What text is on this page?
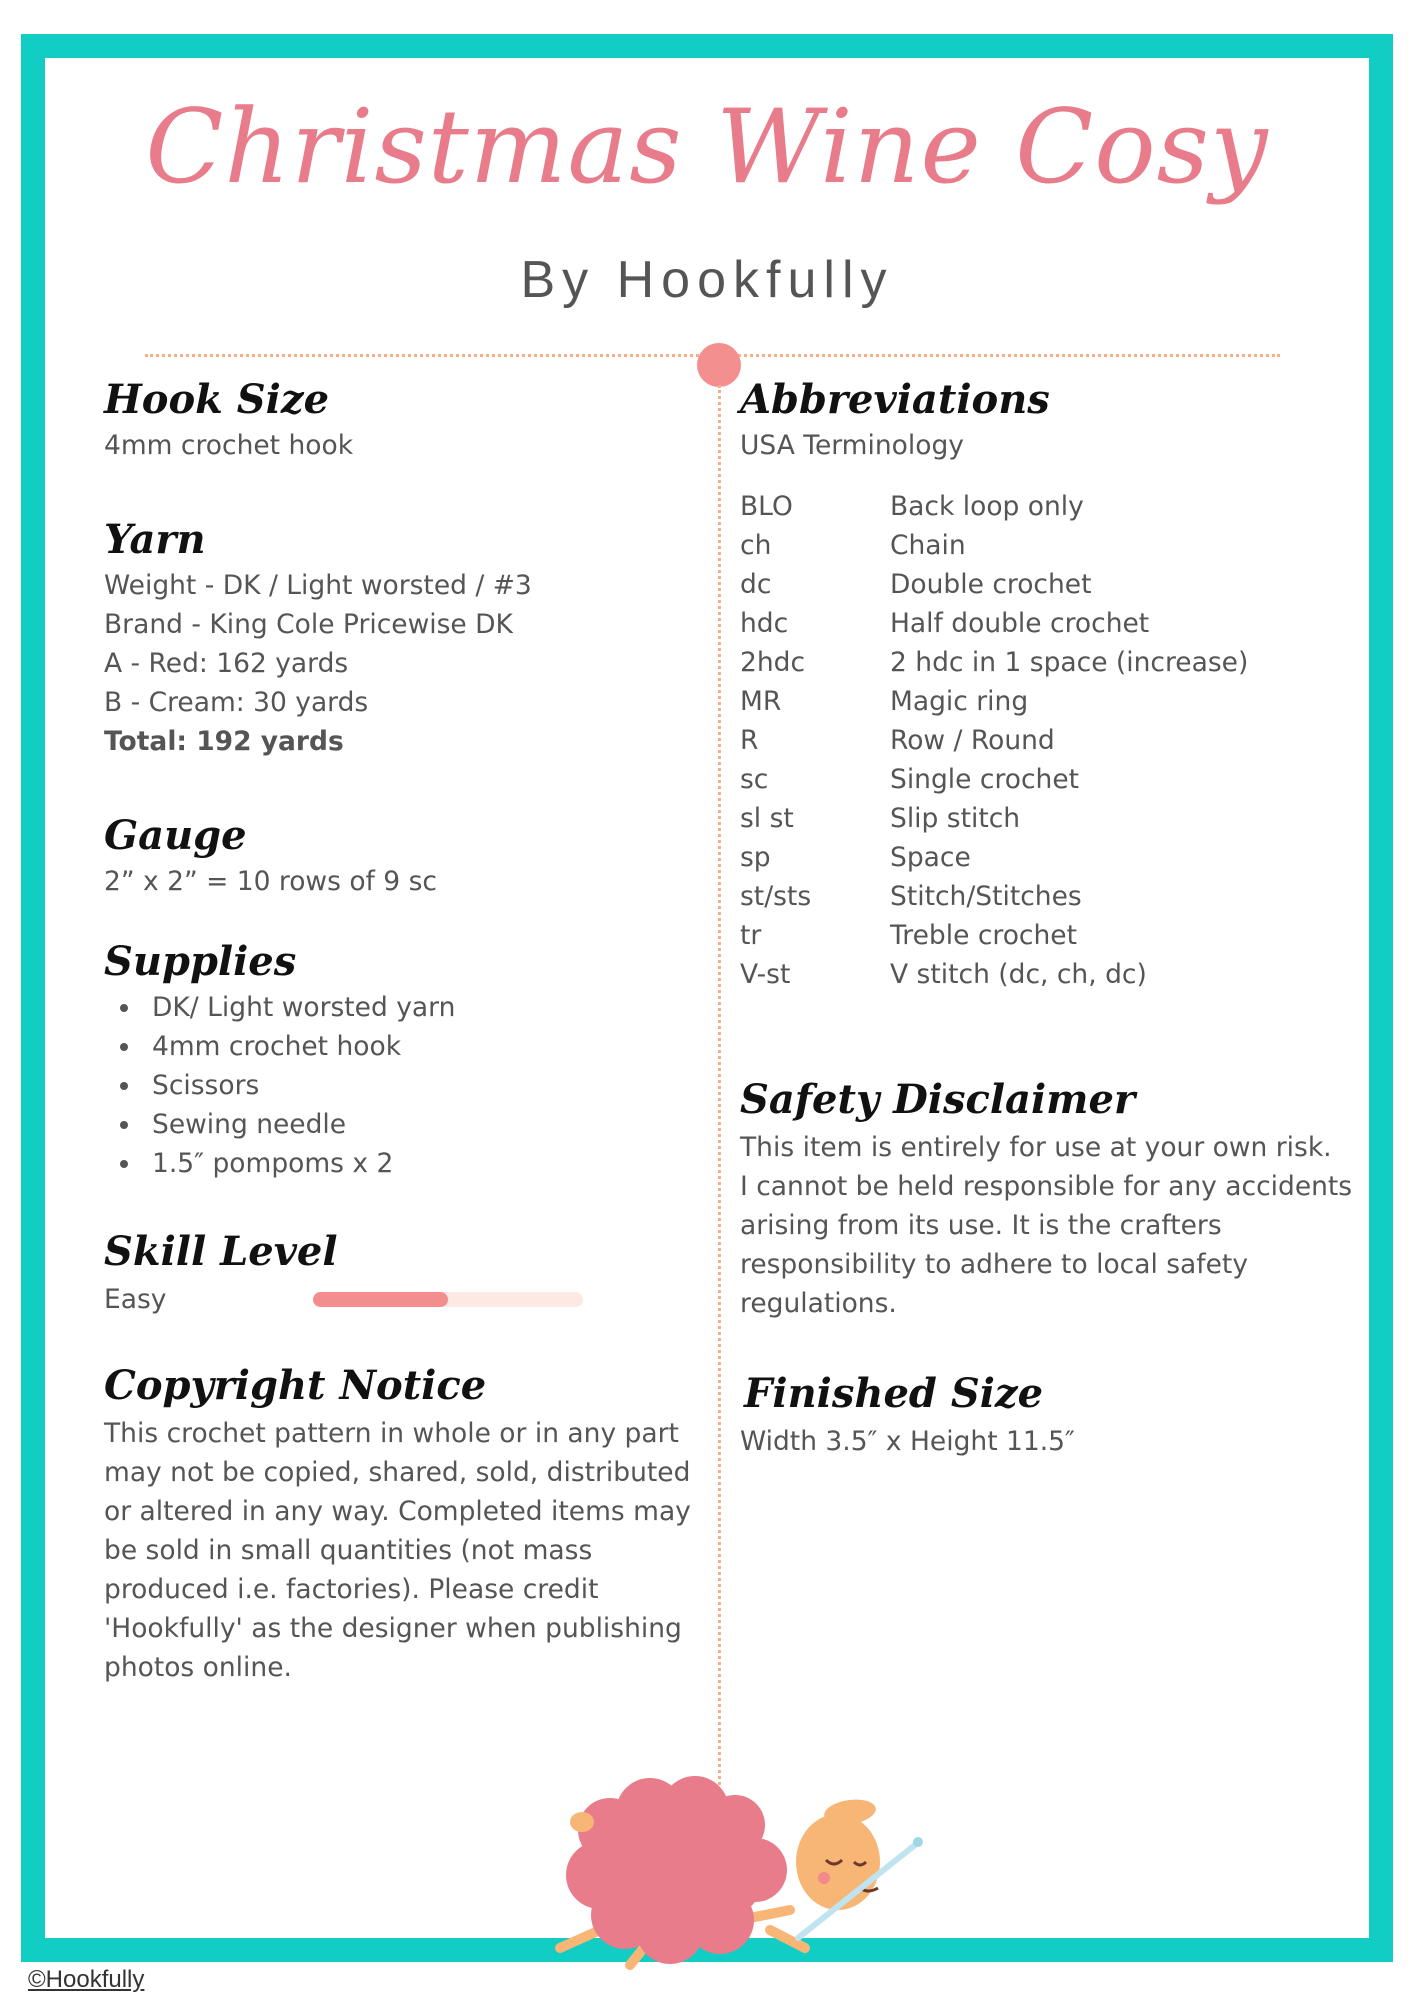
Christmas Wine Cosy
By Hookfully
Hook Size

4mm crochet hook

Yarn

Weight - DK / Light worsted / #3

Brand - King Cole Pricewise DK

A - Red: 162 yards

B - Cream: 30 yards

Total: 192 yards

Gauge

2” x 2” = 10 rows of 9 sc

Supplies
DK/ Light worsted yarn
4mm crochet hook
Scissors
Sewing needle
1.5″ pompoms x 2
Skill Level

Easy

Copyright Notice

This crochet pattern in whole or in any part

may not be copied, shared, sold, distributed

or altered in any way. Completed items may

be sold in small quantities (not mass

produced i.e. factories). Please credit

'Hookfully' as the designer when publishing

photos online.

Abbreviations

USA Terminology

BLO	Back loop only
ch	Chain
dc	Double crochet
hdc	Half double crochet
2hdc	2 hdc in 1 space (increase)
MR	Magic ring
R	Row / Round
sc	Single crochet
sl st	Slip stitch
sp	Space
st/sts	Stitch/Stitches
tr	Treble crochet
V-st	V stitch (dc, ch, dc)
Safety Disclaimer

This item is entirely for use at your own risk.

I cannot be held responsible for any accidents

arising from its use. It is the crafters

responsibility to adhere to local safety

regulations.

Finished Size

Width 3.5″ x Height 11.5″

©Hookfully
